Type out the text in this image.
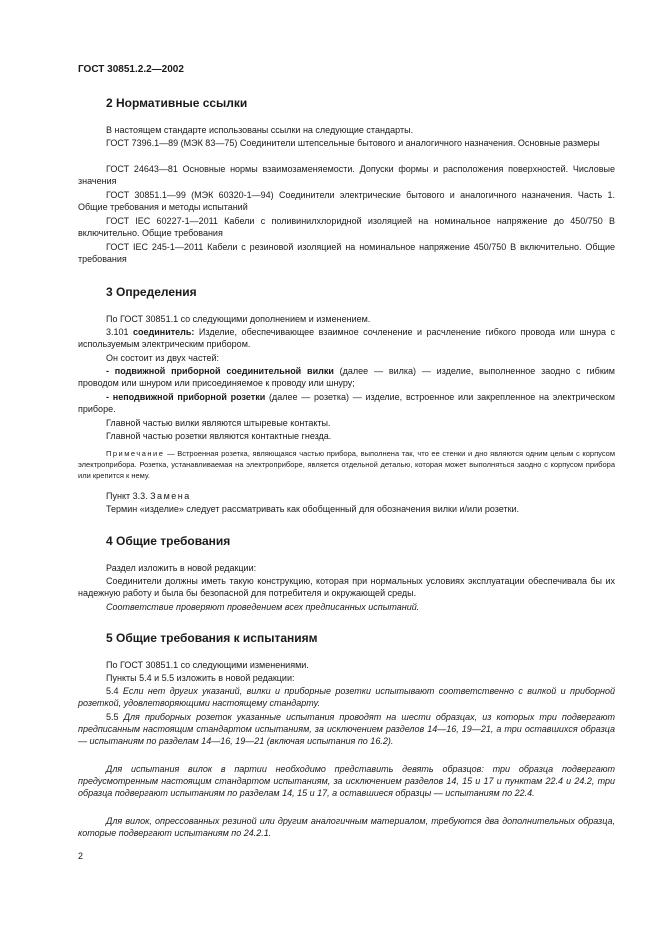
ГОСТ 30851.2.2—2002
2 Нормативные ссылки

В настоящем стандарте использованы ссылки на следующие стандарты.

ГОСТ 7396.1—89 (МЭК 83—75) Соединители штепсельные бытового и аналогичного назначения. Основные размеры

ГОСТ 24643—81 Основные нормы взаимозаменяемости. Допуски формы и расположения поверхностей. Числовые значения

ГОСТ 30851.1—99 (МЭК 60320-1—94) Соединители электрические бытового и аналогичного назначения. Часть 1. Общие требования и методы испытаний

ГОСТ IEC 60227-1—2011 Кабели с поливинилхлоридной изоляцией на номинальное напряжение до 450/750 В включительно. Общие требования

ГОСТ IEC 245-1—2011 Кабели с резиновой изоляцией на номинальное напряжение 450/750 В включительно. Общие требования

3 Определения

По ГОСТ 30851.1 со следующими дополнением и изменением.

3.101 соединитель: Изделие, обеспечивающее взаимное сочленение и расчленение гибкого провода или шнура с используемым электрическим прибором.

Он состоит из двух частей:

- подвижной приборной соединительной вилки (далее — вилка) — изделие, выполненное заодно с гибким проводом или шнуром или присоединяемое к проводу или шнуру;

- неподвижной приборной розетки (далее — розетка) — изделие, встроенное или закрепленное на электрическом приборе.

Главной частью вилки являются штыревые контакты.

Главной частью розетки являются контактные гнезда.

Примечание — Встроенная розетка, являющаяся частью прибора, выполнена так, что ее стенки и дно являются одним целым с корпусом электроприбора. Розетка, устанавливаемая на электроприборе, является отдельной деталью, которая может выполняться заодно с корпусом прибора или крепится к нему.

Пункт 3.3. Замена

Термин «изделие» следует рассматривать как обобщенный для обозначения вилки и/или розетки.

4 Общие требования

Раздел изложить в новой редакции:

Соединители должны иметь такую конструкцию, которая при нормальных условиях эксплуатации обеспечивала бы их надежную работу и была бы безопасной для потребителя и окружающей среды.

Соответствие проверяют проведением всех предписанных испытаний.

5 Общие требования к испытаниям

По ГОСТ 30851.1 со следующими изменениями.

Пункты 5.4 и 5.5 изложить в новой редакции:

5.4 Если нет других указаний, вилки и приборные розетки испытывают соответственно с вилкой и приборной розеткой, удовлетворяющими настоящему стандарту.

5.5 Для приборных розеток указанные испытания проводят на шести образцах, из которых три подвергают предписанным настоящим стандартом испытаниям, за исключением разделов 14—16, 19—21, а три оставшихся образца — испытаниям по разделам 14—16, 19—21 (включая испытания по 16.2).

Для испытания вилок в партии необходимо представить девять образцов: три образца подвергают предусмотренным настоящим стандартом испытаниям, за исключением разделов 14, 15 и 17 и пунктам 22.4 и 24.2, три образца подвергают испытаниям по разделам 14, 15 и 17, а оставшиеся образцы — испытаниям по 22.4.

Для вилок, опрессованных резиной или другим аналогичным материалом, требуются два дополнительных образца, которые подвергают испытаниям по 24.2.1.

2
